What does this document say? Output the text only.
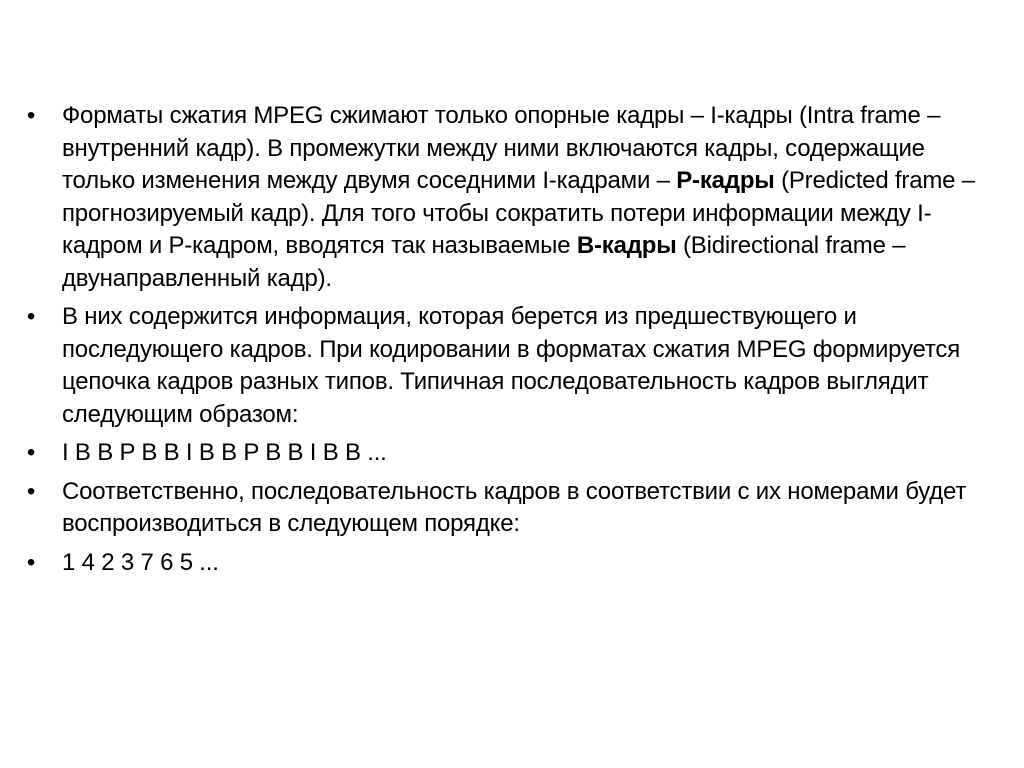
• Форматы сжатия MPEG сжимают только опорные кадры – I-кадры (Intra frame – внутренний кадр). В промежутки между ними включаются кадры, содержащие только изменения между двумя соседними I-кадрами – Р-кадры (Predicted frame – прогнозируемый кадр). Для того чтобы сократить потери информации между I-кадром и Р-кадром, вводятся так называемые В-кадры (Bidirectional frame – двунаправленный кадр).
• В них содержится информация, которая берется из предшествующего и последующего кадров. При кодировании в форматах сжатия MPEG формируется цепочка кадров разных типов. Типичная последовательность кадров выглядит следующим образом:
• I B B P B B I B B P B B I B B ...
• Соответственно, последовательность кадров в соответствии с их номерами будет воспроизводиться в следующем порядке:
• 1 4 2 3 7 6 5 ...
